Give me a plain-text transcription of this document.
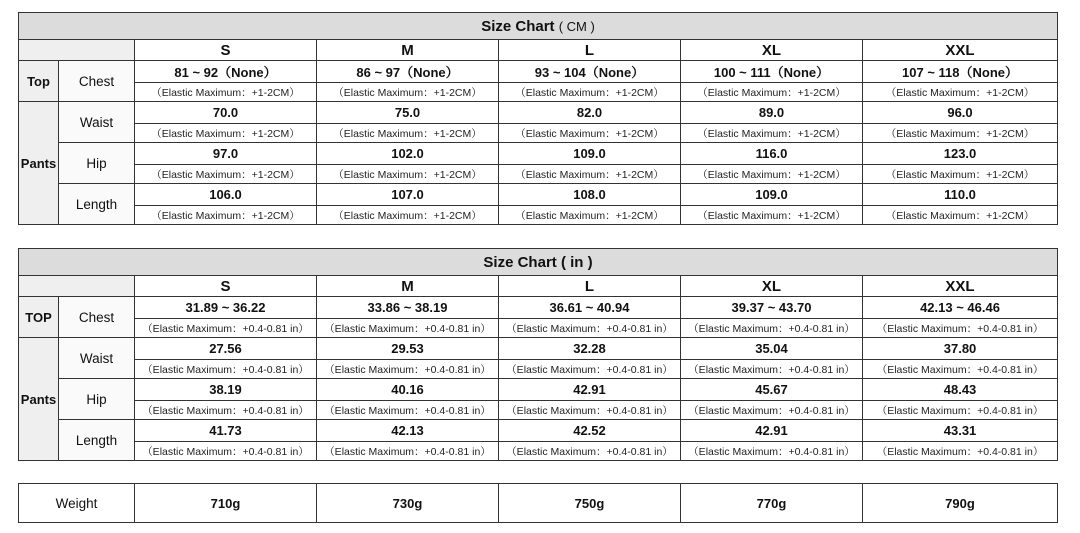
Size Chart ( CM )						
		S	M	L	XL	XXL
Top	Chest	81 ~ 92（None）	86 ~ 97（None）	93 ~ 104（None）	100 ~ 111（None）	107 ~ 118（None）
		（Elastic Maximum：+1-2CM）	（Elastic Maximum：+1-2CM）	（Elastic Maximum：+1-2CM）	（Elastic Maximum：+1-2CM）	（Elastic Maximum：+1-2CM）
Pants	Waist	70.0	75.0	82.0	89.0	96.0
		（Elastic Maximum：+1-2CM）	（Elastic Maximum：+1-2CM）	（Elastic Maximum：+1-2CM）	（Elastic Maximum：+1-2CM）	（Elastic Maximum：+1-2CM）
	Hip	97.0	102.0	109.0	116.0	123.0
		（Elastic Maximum：+1-2CM）	（Elastic Maximum：+1-2CM）	（Elastic Maximum：+1-2CM）	（Elastic Maximum：+1-2CM）	（Elastic Maximum：+1-2CM）
	Length	106.0	107.0	108.0	109.0	110.0
		（Elastic Maximum：+1-2CM）	（Elastic Maximum：+1-2CM）	（Elastic Maximum：+1-2CM）	（Elastic Maximum：+1-2CM）	（Elastic Maximum：+1-2CM）
Size Chart ( in )						
		S	M	L	XL	XXL
TOP	Chest	31.89 ~ 36.22	33.86 ~ 38.19	36.61 ~ 40.94	39.37 ~ 43.70	42.13 ~ 46.46
		（Elastic Maximum：+0.4-0.81 in）	（Elastic Maximum：+0.4-0.81 in）	（Elastic Maximum：+0.4-0.81 in）	（Elastic Maximum：+0.4-0.81 in）	（Elastic Maximum：+0.4-0.81 in）
Pants	Waist	27.56	29.53	32.28	35.04	37.80
		（Elastic Maximum：+0.4-0.81 in）	（Elastic Maximum：+0.4-0.81 in）	（Elastic Maximum：+0.4-0.81 in）	（Elastic Maximum：+0.4-0.81 in）	（Elastic Maximum：+0.4-0.81 in）
	Hip	38.19	40.16	42.91	45.67	48.43
		（Elastic Maximum：+0.4-0.81 in）	（Elastic Maximum：+0.4-0.81 in）	（Elastic Maximum：+0.4-0.81 in）	（Elastic Maximum：+0.4-0.81 in）	（Elastic Maximum：+0.4-0.81 in）
	Length	41.73	42.13	42.52	42.91	43.31
		（Elastic Maximum：+0.4-0.81 in）	（Elastic Maximum：+0.4-0.81 in）	（Elastic Maximum：+0.4-0.81 in）	（Elastic Maximum：+0.4-0.81 in）	（Elastic Maximum：+0.4-0.81 in）
Weight	710g	730g	750g	770g	790g
